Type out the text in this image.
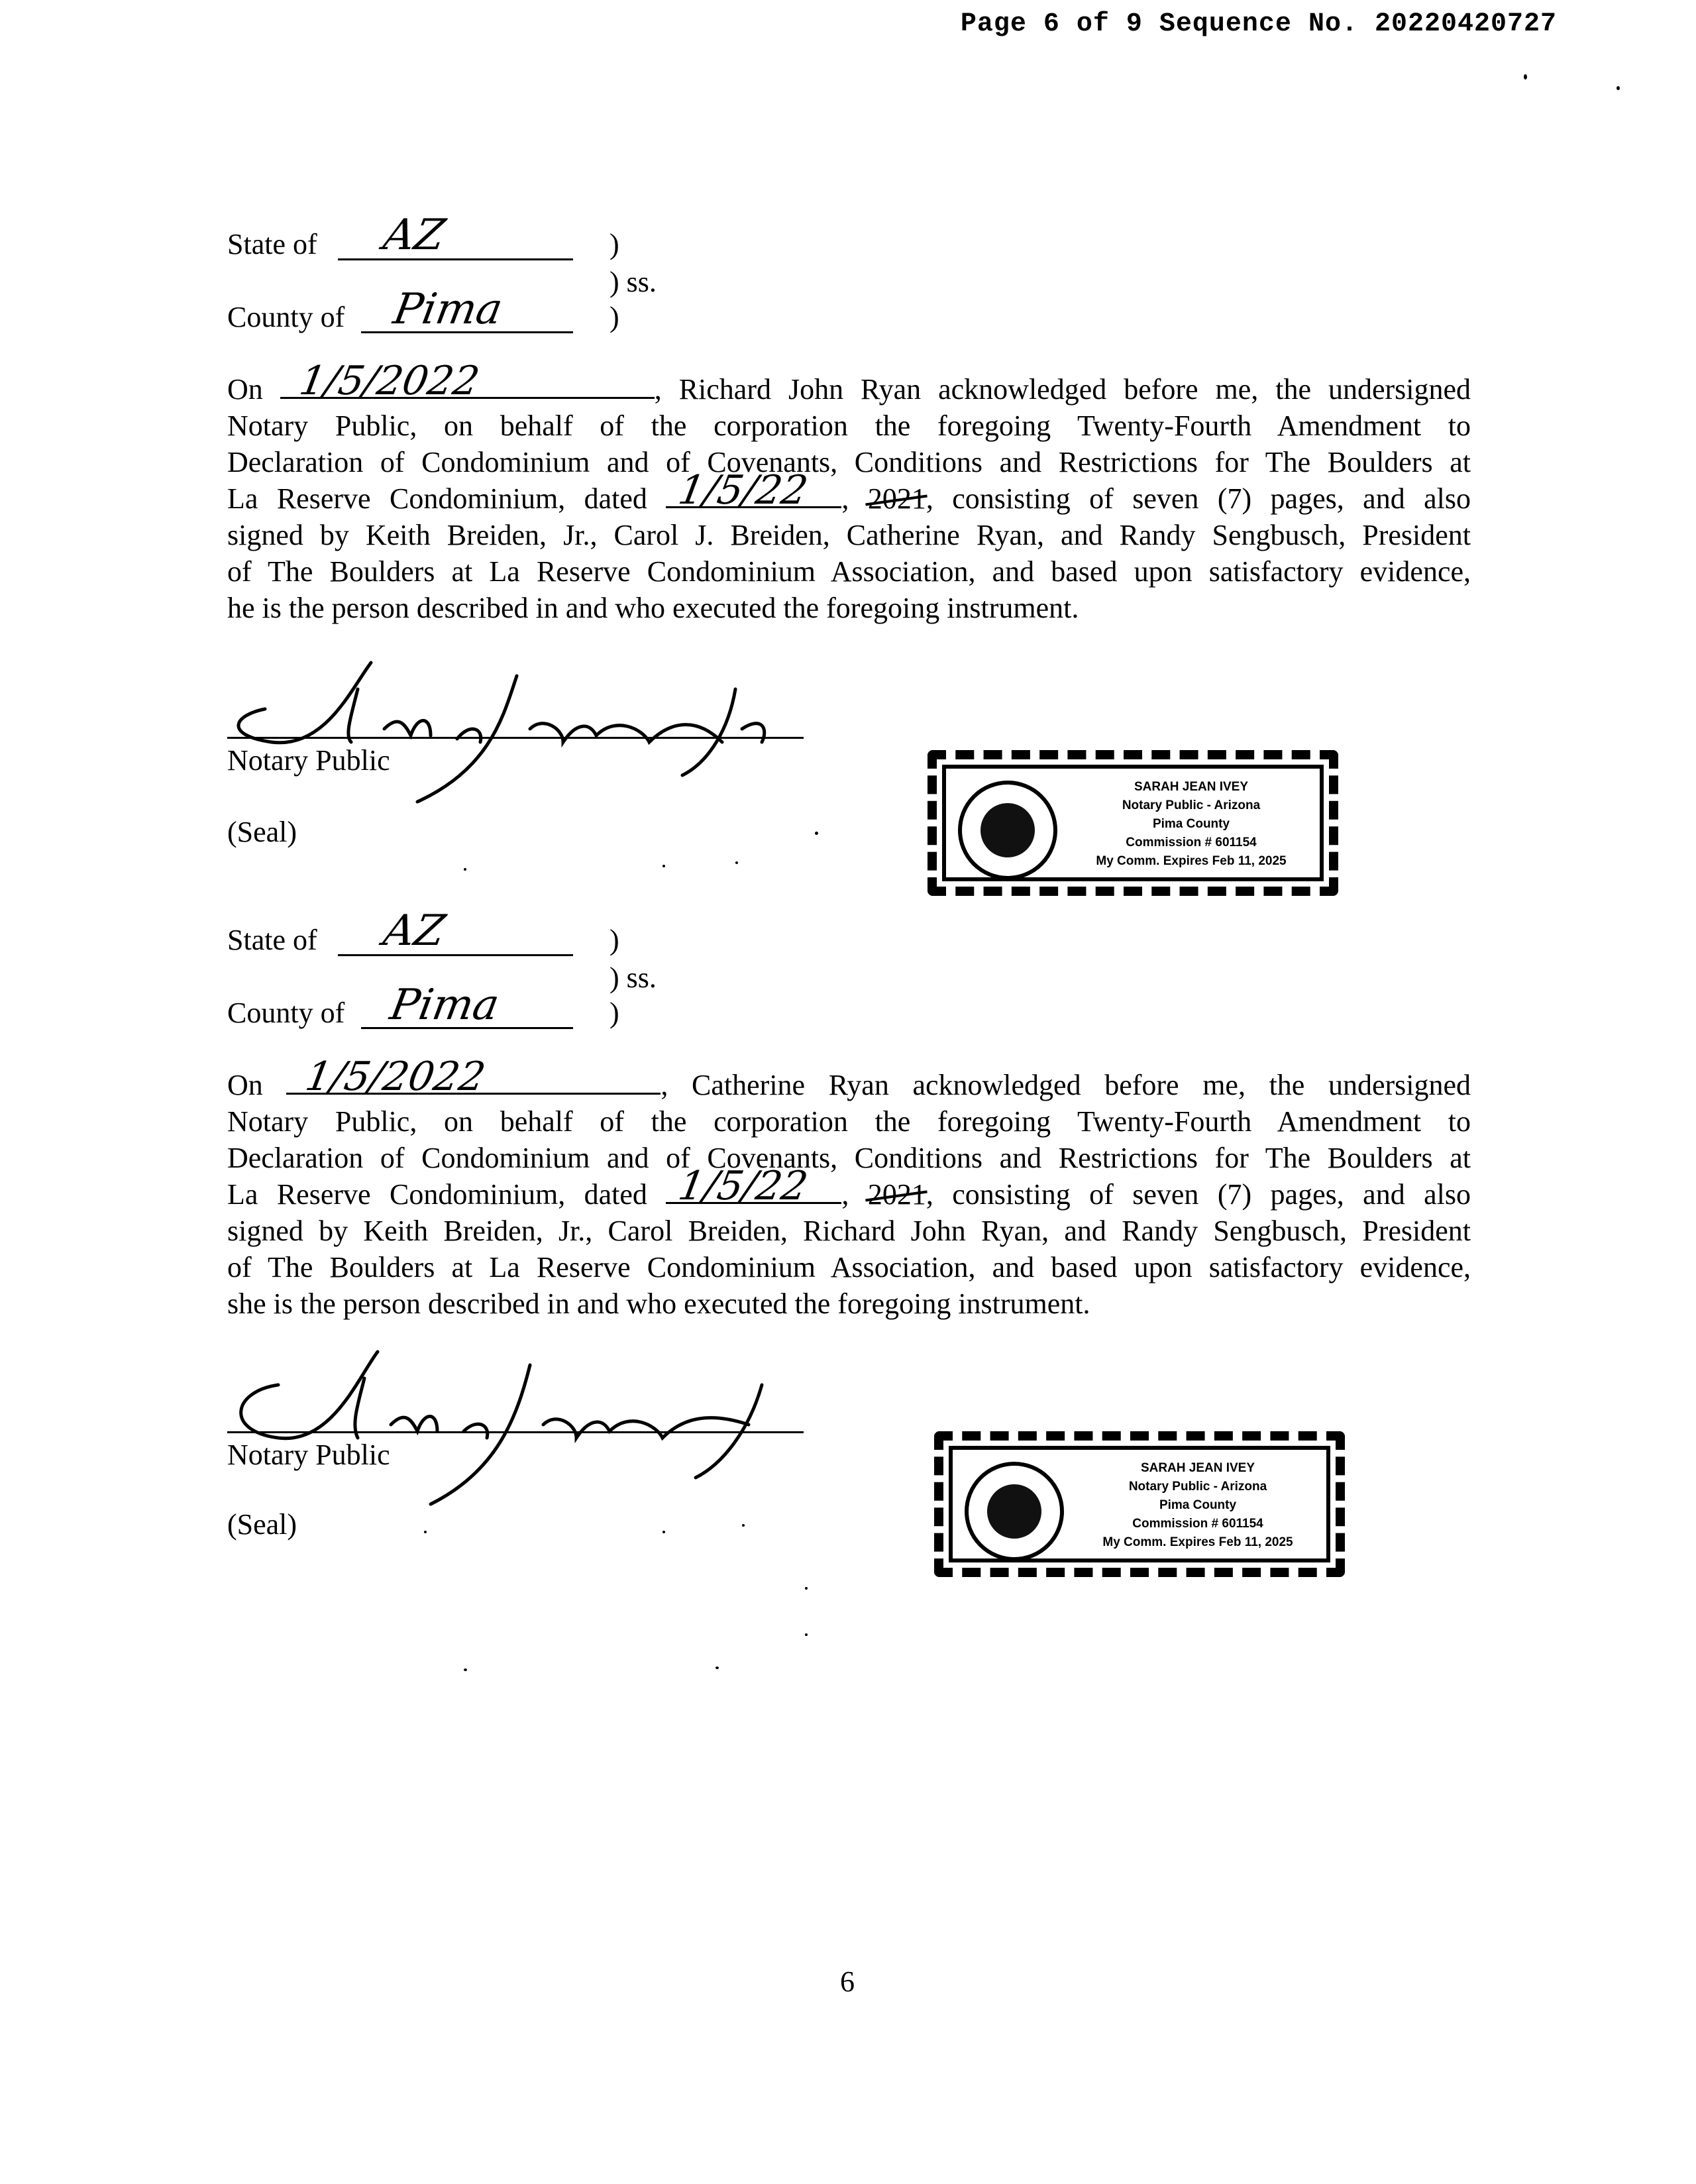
Page 6 of 9 Sequence No. 20220420727
State of AZ	)
) ss.
County of Pima	)

On 1/5/2022	, Richard John Ryan acknowledged before me, the undersigned

Notary Public, on behalf of the corporation the foregoing Twenty-Fourth Amendment to

Declaration of Condominium and of Covenants, Conditions and Restrictions for The Boulders at

La Reserve Condominium, dated 1/5/22 , 2021, consisting of seven (7) pages, and also

signed by Keith Breiden, Jr., Carol J. Breiden, Catherine Ryan, and Randy Sengbusch, President

of The Boulders at La Reserve Condominium Association, and based upon satisfactory evidence,

he is the person described in and who executed the foregoing instrument.

Notary Public
(Seal)
SARAH JEAN IVEY
Notary Public - Arizona
Pima County
Commission # 601154
My Comm. Expires Feb 11, 2025
State of AZ	)
) ss.
County of Pima	)

On 1/5/2022	, Catherine Ryan acknowledged before me, the undersigned

Notary Public, on behalf of the corporation the foregoing Twenty-Fourth Amendment to

Declaration of Condominium and of Covenants, Conditions and Restrictions for The Boulders at

La Reserve Condominium, dated 1/5/22 , 2021, consisting of seven (7) pages, and also

signed by Keith Breiden, Jr., Carol Breiden, Richard John Ryan, and Randy Sengbusch, President

of The Boulders at La Reserve Condominium Association, and based upon satisfactory evidence,

she is the person described in and who executed the foregoing instrument.

Notary Public
(Seal)
SARAH JEAN IVEY
Notary Public - Arizona
Pima County
Commission # 601154
My Comm. Expires Feb 11, 2025
6
